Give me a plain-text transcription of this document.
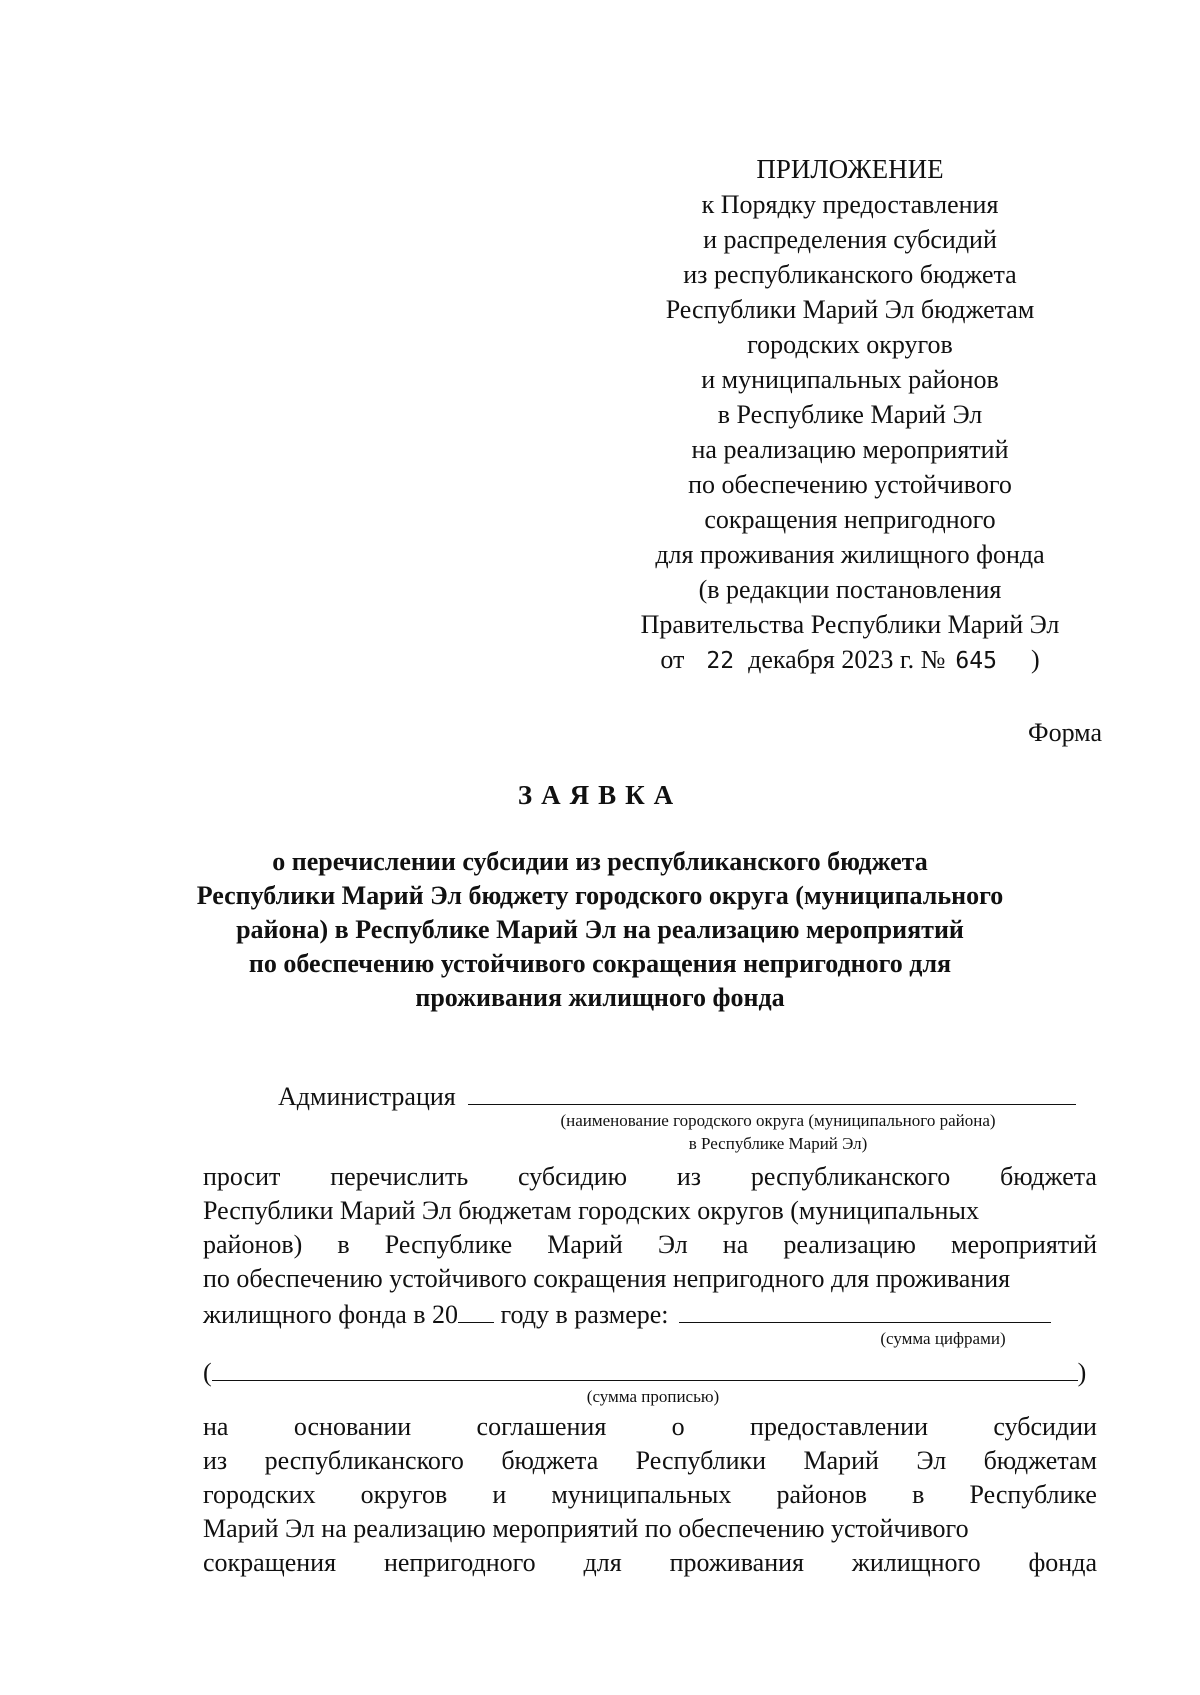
ПРИЛОЖЕНИЕ
к Порядку предоставления
и распределения субсидий
из республиканского бюджета
Республики Марий Эл бюджетам
городских округов
и муниципальных районов
в Республике Марий Эл
на реализацию мероприятий
по обеспечению устойчивого
сокращения непригодного
для проживания жилищного фонда
(в редакции постановления
Правительства Республики Марий Эл
от 22 декабря 2023 г. № 645 )
Форма
ЗАЯВКА
о перечислении субсидии из республиканского бюджета
Республики Марий Эл бюджету городского округа (муниципального
района) в Республике Марий Эл на реализацию мероприятий
по обеспечению устойчивого сокращения непригодного для
проживания жилищного фонда
Администрация
(наименование городского округа (муниципального района)
в Республике Марий Эл)
просит перечислить субсидию из республиканского бюджета
Республики Марий Эл бюджетам городских округов (муниципальных
районов) в Республике Марий Эл на реализацию мероприятий
по обеспечению устойчивого сокращения непригодного для проживания
жилищного фонда в 20 году в размере:
(сумма цифрами)
(	)
(сумма прописью)
на	основании	соглашения	о	предоставлении	субсидии
из республиканского бюджета Республики Марий Эл бюджетам
городских округов и муниципальных районов в Республике
Марий Эл на реализацию мероприятий по обеспечению устойчивого
сокращения непригодного для проживания жилищного фонда
